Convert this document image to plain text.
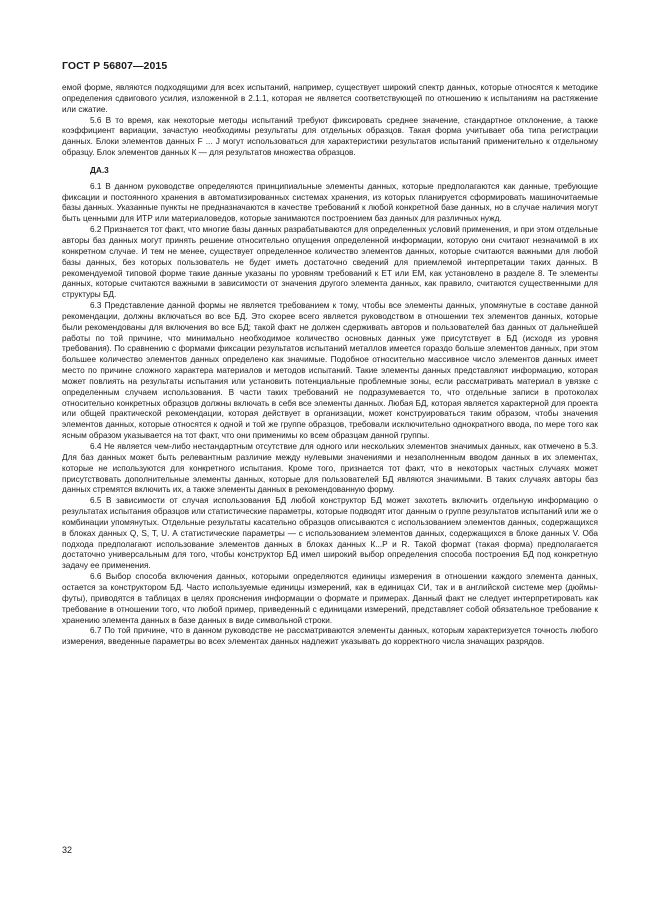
ГОСТ Р 56807—2015

емой форме, являются подходящими для всех испытаний, например, существует широкий спектр данных, которые относятся к методике определения сдвигового усилия, изложенной в 2.1.1, которая не является соответствующей по отношению к испытаниям на растяжение или сжатие.

5.6 В то время, как некоторые методы испытаний требуют фиксировать среднее значение, стандартное отклонение, а также коэффициент вариации, зачастую необходимы результаты для отдельных образцов. Такая форма учитывает оба типа регистрации данных. Блоки элементов данных F ... J могут использоваться для характеристики результатов испытаний применительно к отдельному образцу. Блок элементов данных К — для результатов множества образцов.

ДА.3

6.1 В данном руководстве определяются принципиальные элементы данных, которые предполагаются как данные, требующие фиксации и постоянного хранения в автоматизированных системах хранения, из которых планируется сформировать машиночитаемые базы данных. Указанные пункты не предназначаются в качестве требований к любой конкретной базе данных, но в случае наличия могут быть ценными для ИТР или материаловедов, которые занимаются построением баз данных для различных нужд.

6.2 Признается тот факт, что многие базы данных разрабатываются для определенных условий применения, и при этом отдельные авторы баз данных могут принять решение относительно опущения определенной информации, которую они считают незначимой в их конкретном случае. И тем не менее, существует определенное количество элементов данных, которые считаются важными для любой базы данных, без которых пользователь не будет иметь достаточно сведений для приемлемой интерпретации таких данных. В рекомендуемой типовой форме такие данные указаны по уровням требований к ЕТ или ЕМ, как установлено в разделе 8. Те элементы данных, которые считаются важными в зависимости от значения другого элемента данных, как правило, считаются существенными для структуры БД.

6.3 Представление данной формы не является требованием к тому, чтобы все элементы данных, упомянутые в составе данной рекомендации, должны включаться во все БД. Это скорее всего является руководством в отношении тех элементов данных, которые были рекомендованы для включения во все БД; такой факт не должен сдерживать авторов и пользователей баз данных от дальнейшей работы по той причине, что минимально необходимое количество основных данных уже присутствует в БД (исходя из уровня требования). По сравнению с формами фиксации результатов испытаний металлов имеется гораздо больше элементов данных, при этом большее количество элементов данных определено как значимые. Подобное относительно массивное число элементов данных имеет место по причине сложного характера материалов и методов испытаний. Такие элементы данных представляют информацию, которая может повлиять на результаты испытания или установить потенциальные проблемные зоны, если рассматривать материал в увязке с определенным случаем использования. В части таких требований не подразумевается то, что отдельные записи в протоколах относительно конкретных образцов должны включать в себя все элементы данных. Любая БД, которая является характерной для проекта или общей практической рекомендации, которая действует в организации, может конструироваться таким образом, чтобы значения элементов данных, которые относятся к одной и той же группе образцов, требовали исключительно однократного ввода, по мере того как ясным образом указывается на тот факт, что они применимы ко всем образцам данной группы.

6.4 Не является чем-либо нестандартным отсутствие для одного или нескольких элементов значимых данных, как отмечено в 5.3. Для баз данных может быть релевантным различие между нулевыми значениями и незаполненным вводом данных в их элементах, которые не используются для конкретного испытания. Кроме того, признается тот факт, что в некоторых частных случаях может присутствовать дополнительные элементы данных, которые для пользователей БД являются значимыми. В таких случаях авторы баз данных стремятся включить их, а также элементы данных в рекомендованную форму.

6.5 В зависимости от случая использования БД любой конструктор БД может захотеть включить отдельную информацию о результатах испытания образцов или статистические параметры, которые подводят итог данным о группе результатов испытаний или же о комбинации упомянутых. Отдельные результаты касательно образцов описываются с использованием элементов данных, содержащихся в блоках данных Q, S, T, U. А статистические параметры — с использованием элементов данных, содержащихся в блоке данных V. Оба подхода предполагают использование элементов данных в блоках данных К...P и R. Такой формат (такая форма) предполагается достаточно универсальным для того, чтобы конструктор БД имел широкий выбор определения способа построения БД под конкретную задачу ее применения.

6.6 Выбор способа включения данных, которыми определяются единицы измерения в отношении каждого элемента данных, остается за конструктором БД. Часто используемые единицы измерений, как в единицах СИ, так и в английской системе мер (дюймы-футы), приводятся в таблицах в целях прояснения информации о формате и примерах. Данный факт не следует интерпретировать как требование в отношении того, что любой пример, приведенный с единицами измерений, представляет собой обязательное требование к хранению элемента данных в базе данных в виде символьной строки.

6.7 По той причине, что в данном руководстве не рассматриваются элементы данных, которым характеризуется точность любого измерения, введенные параметры во всех элементах данных надлежит указывать до корректного числа значащих разрядов.

32
